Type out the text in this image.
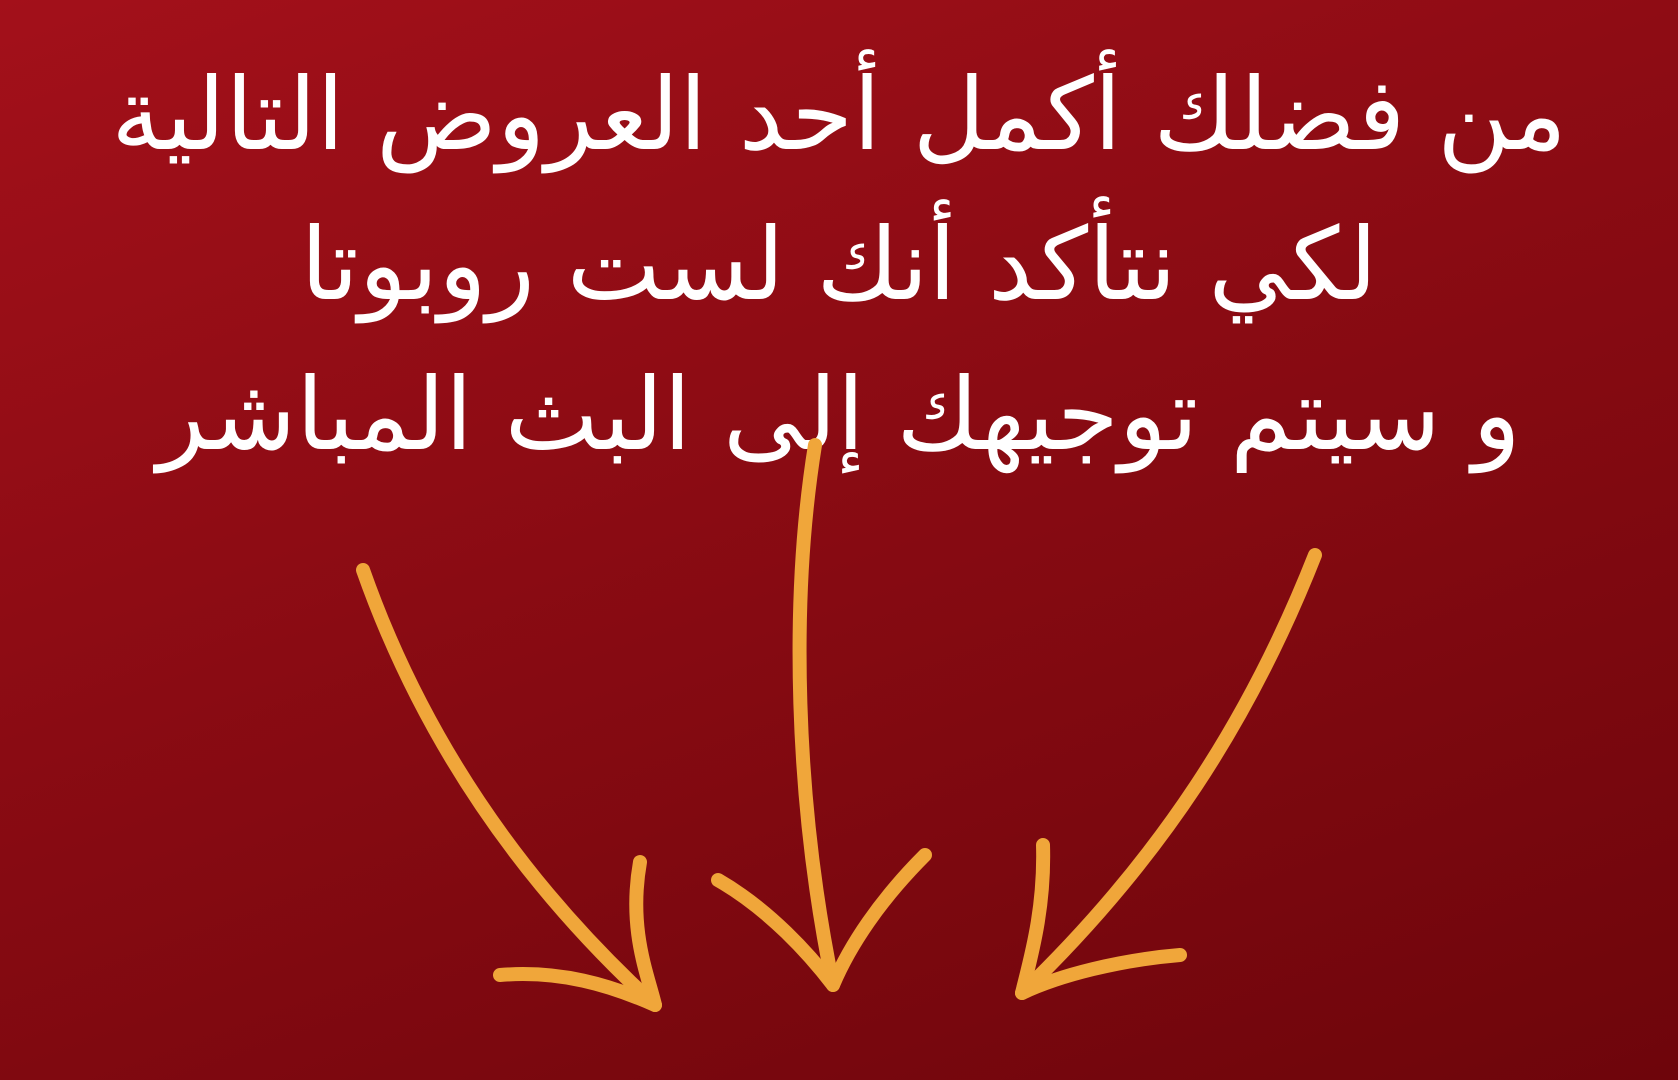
من فضلك أكمل أحد العروض التالية
لكي نتأكد أنك لست روبوتا
و سيتم توجيهك إلى البث المباشر
